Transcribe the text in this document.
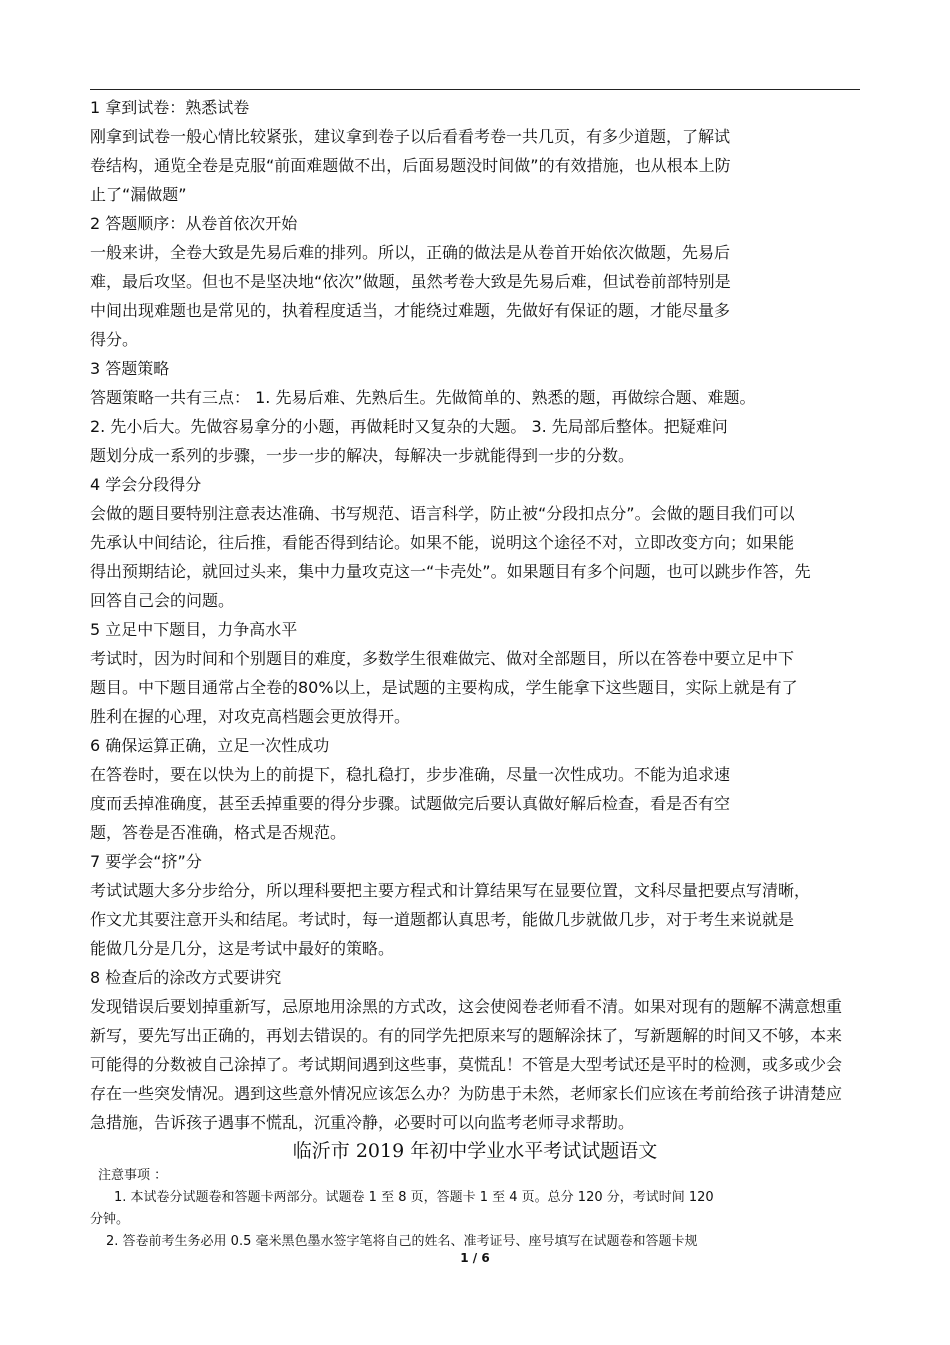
1 拿到试卷：熟悉试卷
刚拿到试卷一般心情比较紧张，建议拿到卷子以后看看考卷一共几页，有多少道题，了解试
卷结构，通览全卷是克服“前面难题做不出，后面易题没时间做”的有效措施，也从根本上防
止了“漏做题”
2 答题顺序：从卷首依次开始
一般来讲，全卷大致是先易后难的排列。所以，正确的做法是从卷首开始依次做题，先易后
难，最后攻坚。但也不是坚决地“依次”做题，虽然考卷大致是先易后难，但试卷前部特别是
中间出现难题也是常见的，执着程度适当，才能绕过难题，先做好有保证的题，才能尽量多
得分。
3 答题策略
答题策略一共有三点： 1. 先易后难、先熟后生。先做简单的、熟悉的题，再做综合题、难题。
2. 先小后大。先做容易拿分的小题，再做耗时又复杂的大题。 3. 先局部后整体。把疑难问
题划分成一系列的步骤，一步一步的解决，每解决一步就能得到一步的分数。
4 学会分段得分
会做的题目要特别注意表达准确、书写规范、语言科学，防止被“分段扣点分”。会做的题目我们可以
先承认中间结论，往后推，看能否得到结论。如果不能，说明这个途径不对，立即改变方向；如果能
得出预期结论，就回过头来，集中力量攻克这一“卡壳处”。如果题目有多个问题，也可以跳步作答，先
回答自己会的问题。
5 立足中下题目，力争高水平
考试时，因为时间和个别题目的难度，多数学生很难做完、做对全部题目，所以在答卷中要立足中下
题目。中下题目通常占全卷的80%以上，是试题的主要构成，学生能拿下这些题目，实际上就是有了
胜利在握的心理，对攻克高档题会更放得开。
6 确保运算正确，立足一次性成功
在答卷时，要在以快为上的前提下，稳扎稳打，步步准确，尽量一次性成功。不能为追求速
度而丢掉准确度，甚至丢掉重要的得分步骤。试题做完后要认真做好解后检查，看是否有空
题，答卷是否准确，格式是否规范。
7 要学会“挤”分
考试试题大多分步给分，所以理科要把主要方程式和计算结果写在显要位置，文科尽量把要点写清晰，
作文尤其要注意开头和结尾。考试时，每一道题都认真思考，能做几步就做几步，对于考生来说就是
能做几分是几分，这是考试中最好的策略。
8 检查后的涂改方式要讲究
发现错误后要划掉重新写，忌原地用涂黑的方式改，这会使阅卷老师看不清。如果对现有的题解不满意想重
新写，要先写出正确的，再划去错误的。有的同学先把原来写的题解涂抹了，写新题解的时间又不够，本来
可能得的分数被自己涂掉了。考试期间遇到这些事，莫慌乱！不管是大型考试还是平时的检测，或多或少会
存在一些突发情况。遇到这些意外情况应该怎么办？为防患于未然，老师家长们应该在考前给孩子讲清楚应
急措施，告诉孩子遇事不慌乱，沉重冷静，必要时可以向监考老师寻求帮助。
临沂市 2019 年初中学业水平考试试题语文
注意事项 ：
1. 本试卷分试题卷和答题卡两部分。试题卷 1 至 8 页，答题卡 1 至 4 页。总分 120 分，考试时间 120
分钟。
2. 答卷前考生务必用 0.5 毫米黑色墨水签字笔将自己的姓名、准考证号、座号填写在试题卷和答题卡规
1 / 6
